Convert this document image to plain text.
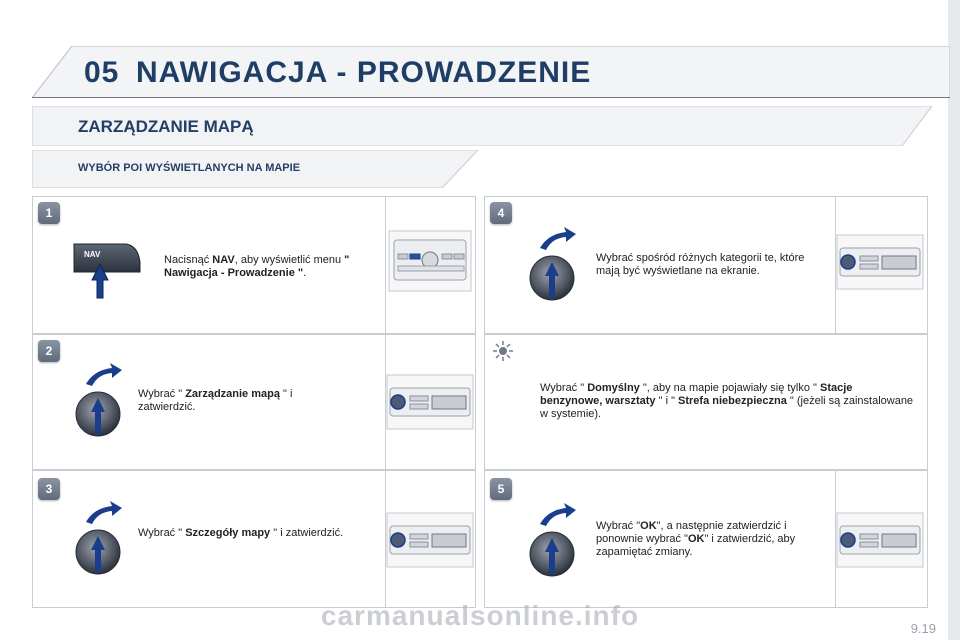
05 NAWIGACJA - PROWADZENIE
ZARZĄDZANIE MAPĄ
WYBÓR POI WYŚWIETLANYCH NA MAPIE
1
2
3
4
5
NAV	Nacisnąć NAV, aby wyświetlić menu " Nawigacja - Prowadzenie ".
Wybrać " Zarządzanie mapą " i zatwierdzić.
Wybrać " Szczegóły mapy " i zatwierdzić.
Wybrać spośród różnych kategorii te, które mają być wyświetlane na ekranie.
Wybrać " Domyślny ", aby na mapie pojawiały się tylko " Stacje benzynowe, warsztaty " i " Strefa niebezpieczna " (jeżeli są zainstalowane w systemie).
Wybrać "OK", a następnie zatwierdzić i ponownie wybrać "OK" i zatwierdzić, aby zapamiętać zmiany.
9.19
carmanualsonline.info
